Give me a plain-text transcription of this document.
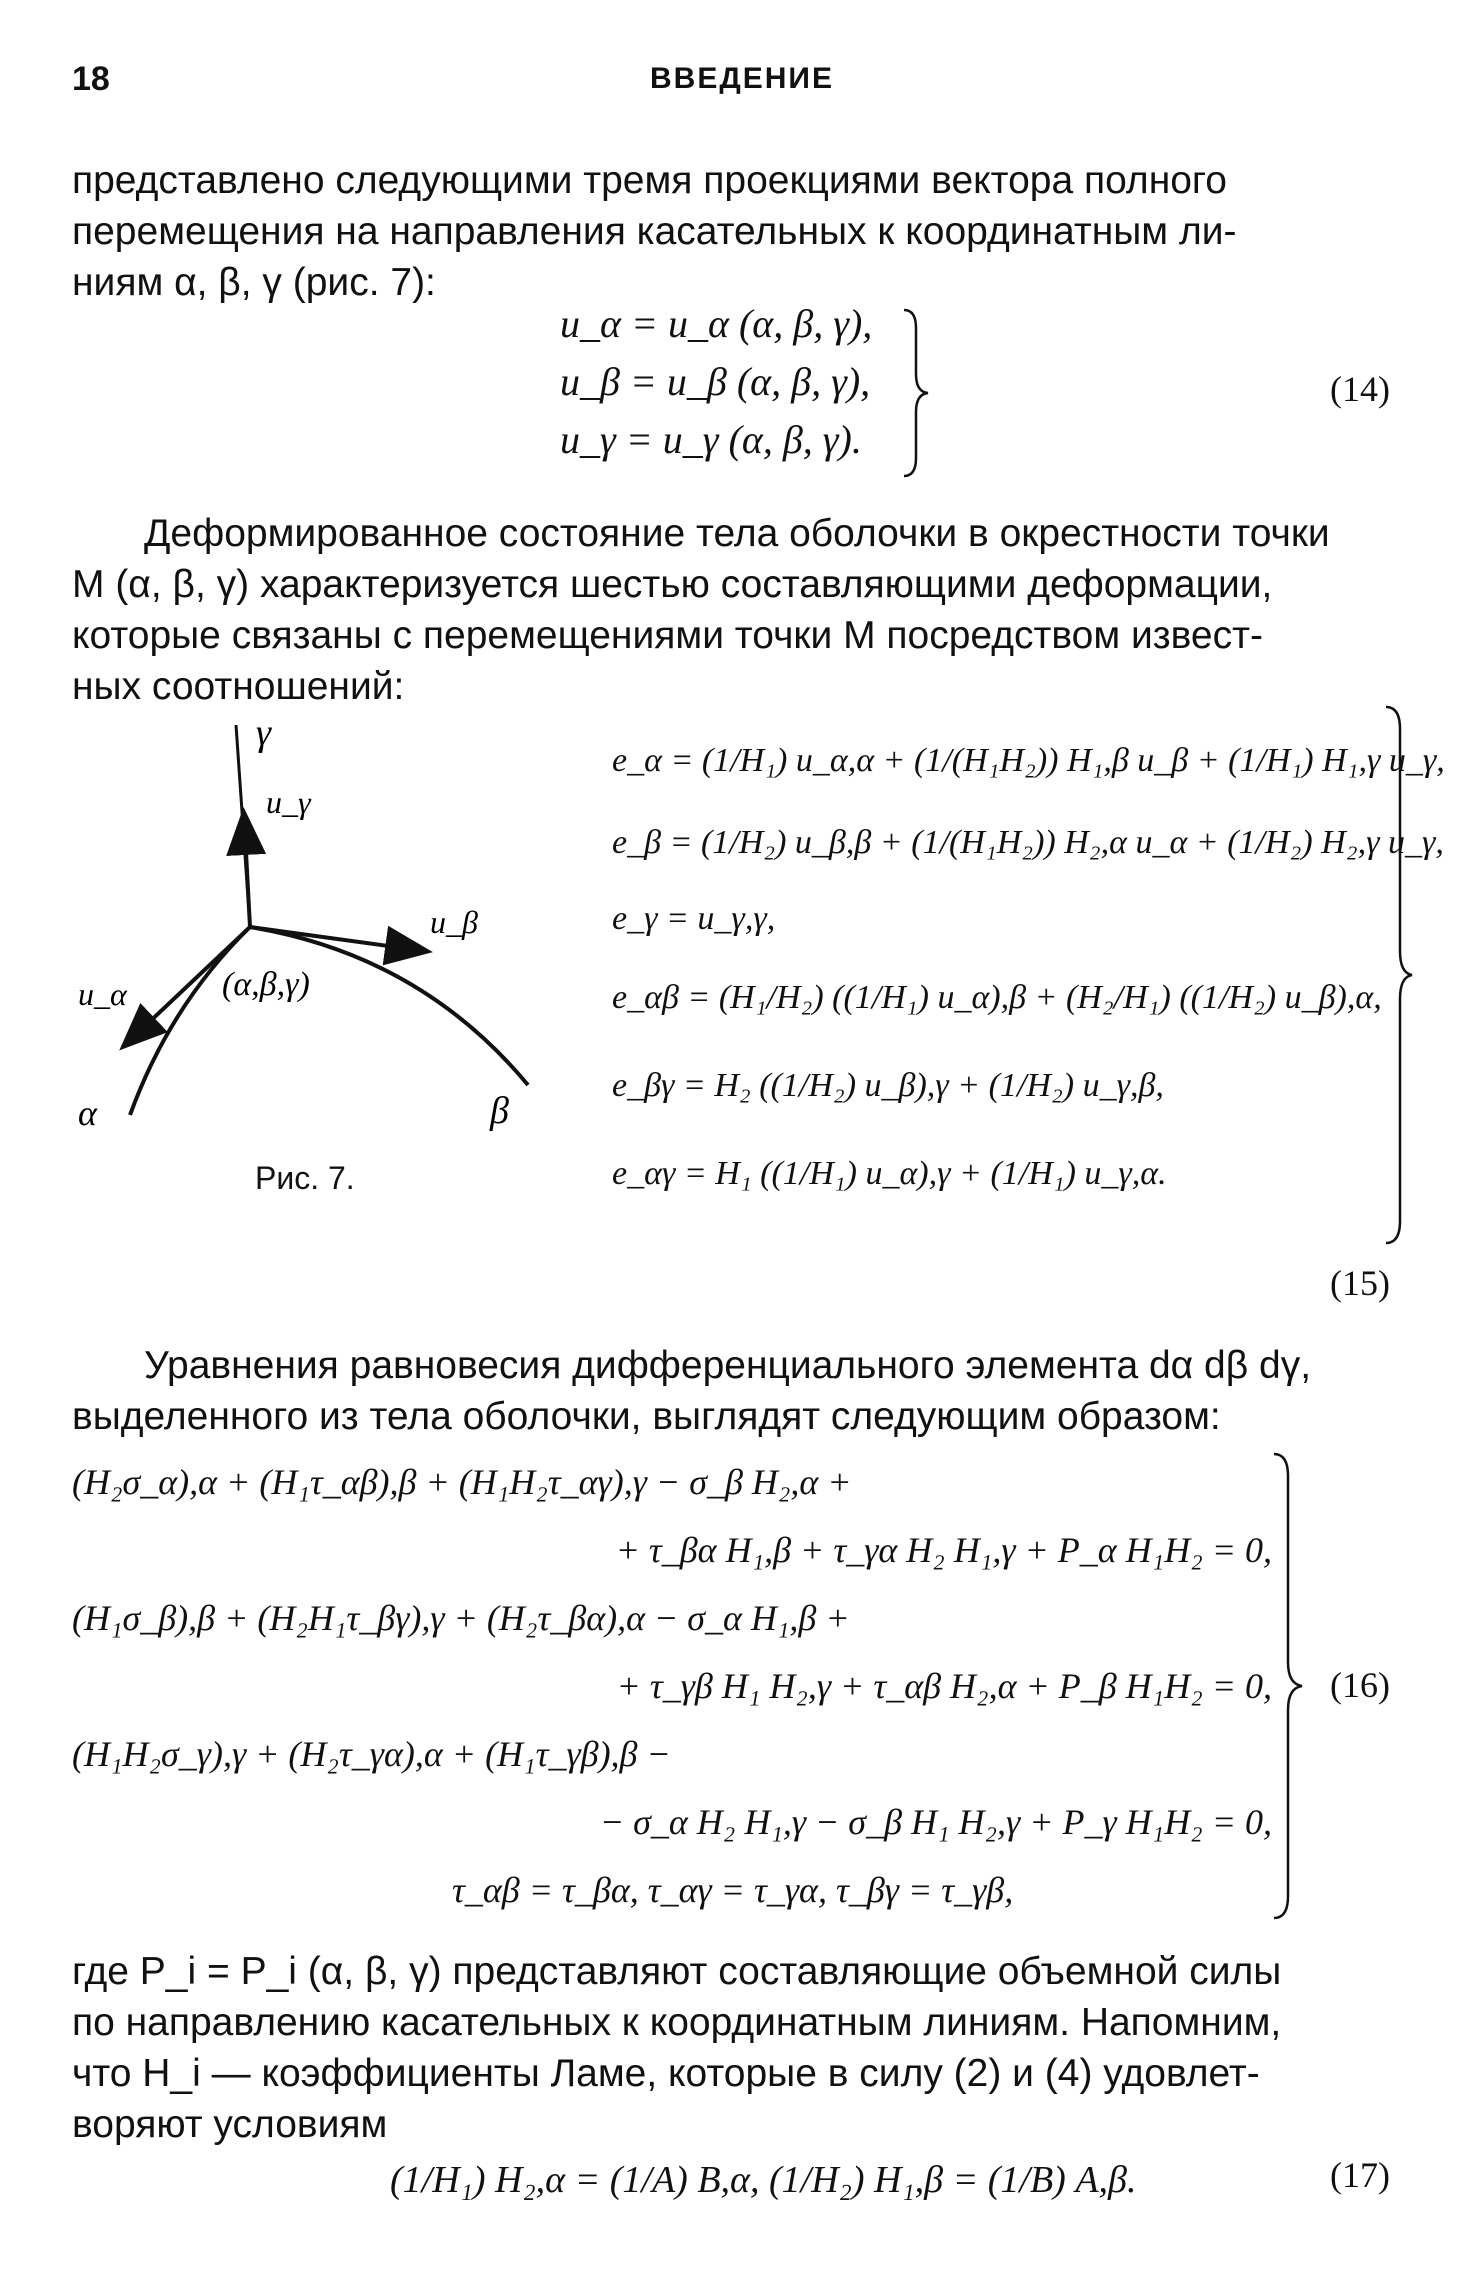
18	ВВЕДЕНИЕ
представлено следующими тремя проекциями вектора полного
перемещения на направления касательных к координатным ли-
ниям α, β, γ (рис. 7):
u_α = u_α (α, β, γ),
u_β = u_β (α, β, γ),
u_γ = u_γ (α, β, γ).
(14)
Деформированное состояние тела оболочки в окрестности точки
M (α, β, γ) характеризуется шестью составляющими деформации,
которые связаны с перемещениями точки M посредством извест-
ных соотношений:
γ
u_γ
u_β
(α,β,γ)
u_α
α	β
Рис. 7.
e_α = (1/H₁) u_α,α + (1/(H₁H₂)) H₁,β u_β + (1/H₁) H₁,γ u_γ,
e_β = (1/H₂) u_β,β + (1/(H₁H₂)) H₂,α u_α + (1/H₂) H₂,γ u_γ,
e_γ = u_γ,γ,
e_αβ = (H₁/H₂) ((1/H₁) u_α),β + (H₂/H₁) ((1/H₂) u_β),α,
e_βγ = H₂ ((1/H₂) u_β),γ + (1/H₂) u_γ,β,
e_αγ = H₁ ((1/H₁) u_α),γ + (1/H₁) u_γ,α.
(15)
Уравнения равновесия дифференциального элемента dα dβ dγ,
выделенного из тела оболочки, выглядят следующим образом:
(H₂σ_α),α + (H₁τ_αβ),β + (H₁H₂τ_αγ),γ − σ_β H₂,α +
+ τ_βα H₁,β + τ_γα H₂ H₁,γ + P_α H₁H₂ = 0,
(H₁σ_β),β + (H₂H₁τ_βγ),γ + (H₂τ_βα),α − σ_α H₁,β +
+ τ_γβ H₁ H₂,γ + τ_αβ H₂,α + P_β H₁H₂ = 0,
(H₁H₂σ_γ),γ + (H₂τ_γα),α + (H₁τ_γβ),β −
− σ_α H₂ H₁,γ − σ_β H₁ H₂,γ + P_γ H₁H₂ = 0,
τ_αβ = τ_βα, τ_αγ = τ_γα, τ_βγ = τ_γβ,
(16)
где P_i = P_i (α, β, γ) представляют составляющие объемной силы
по направлению касательных к координатным линиям. Напомним,
что H_i — коэффициенты Ламе, которые в силу (2) и (4) удовлет-
воряют условиям
(1/H₁) H₂,α = (1/A) B,α, (1/H₂) H₁,β = (1/B) A,β.	(17)
